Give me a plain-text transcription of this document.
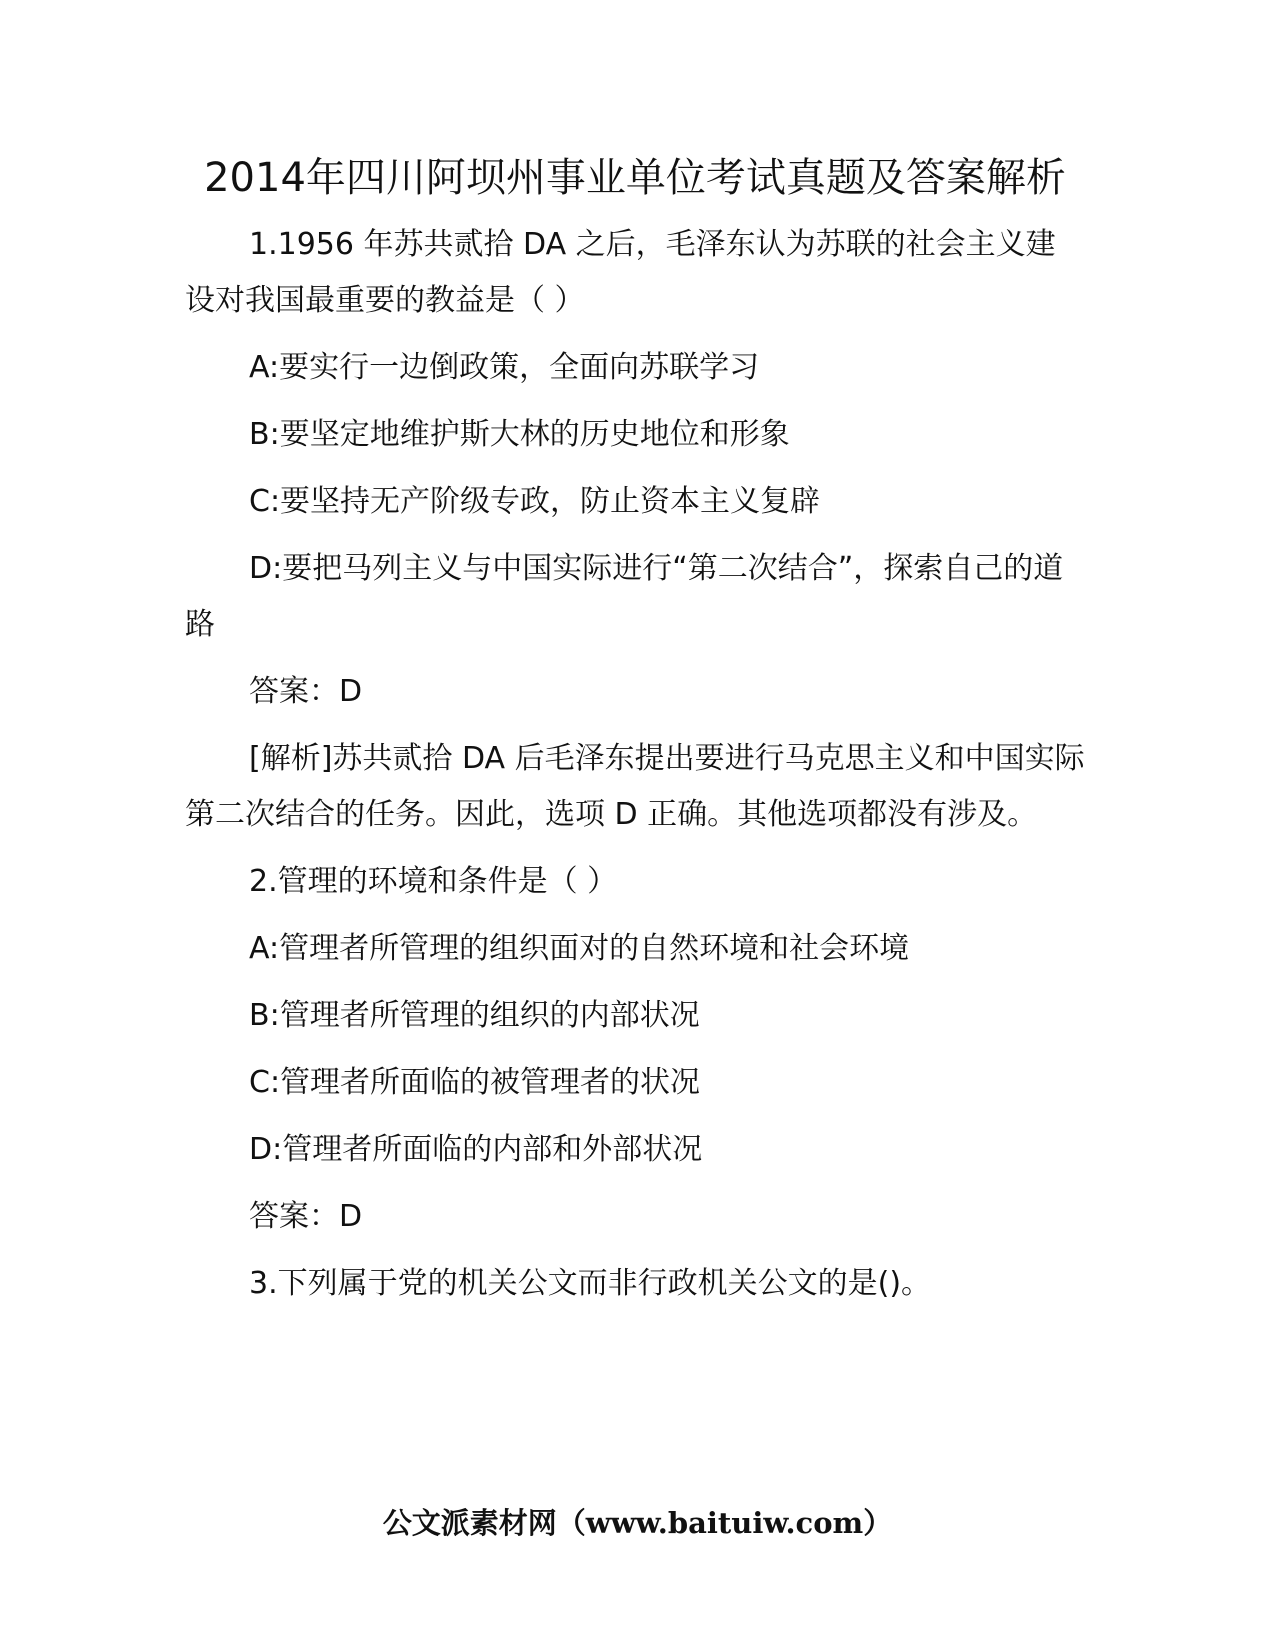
2014年四川阿坝州事业单位考试真题及答案解析

1.1956 年苏共贰拾 DA 之后，毛泽东认为苏联的社会主义建设对我国最重要的教益是（ ）

A:要实行一边倒政策，全面向苏联学习

B:要坚定地维护斯大林的历史地位和形象

C:要坚持无产阶级专政，防止资本主义复辟

D:要把马列主义与中国实际进行“第二次结合”，探索自己的道路

答案：D

[解析]苏共贰拾 DA 后毛泽东提出要进行马克思主义和中国实际第二次结合的任务。因此，选项 D 正确。其他选项都没有涉及。

2.管理的环境和条件是（ ）

A:管理者所管理的组织面对的自然环境和社会环境

B:管理者所管理的组织的内部状况

C:管理者所面临的被管理者的状况

D:管理者所面临的内部和外部状况

答案：D

3.下列属于党的机关公文而非行政机关公文的是()。

公文派素材网（www.baituiw.com）
